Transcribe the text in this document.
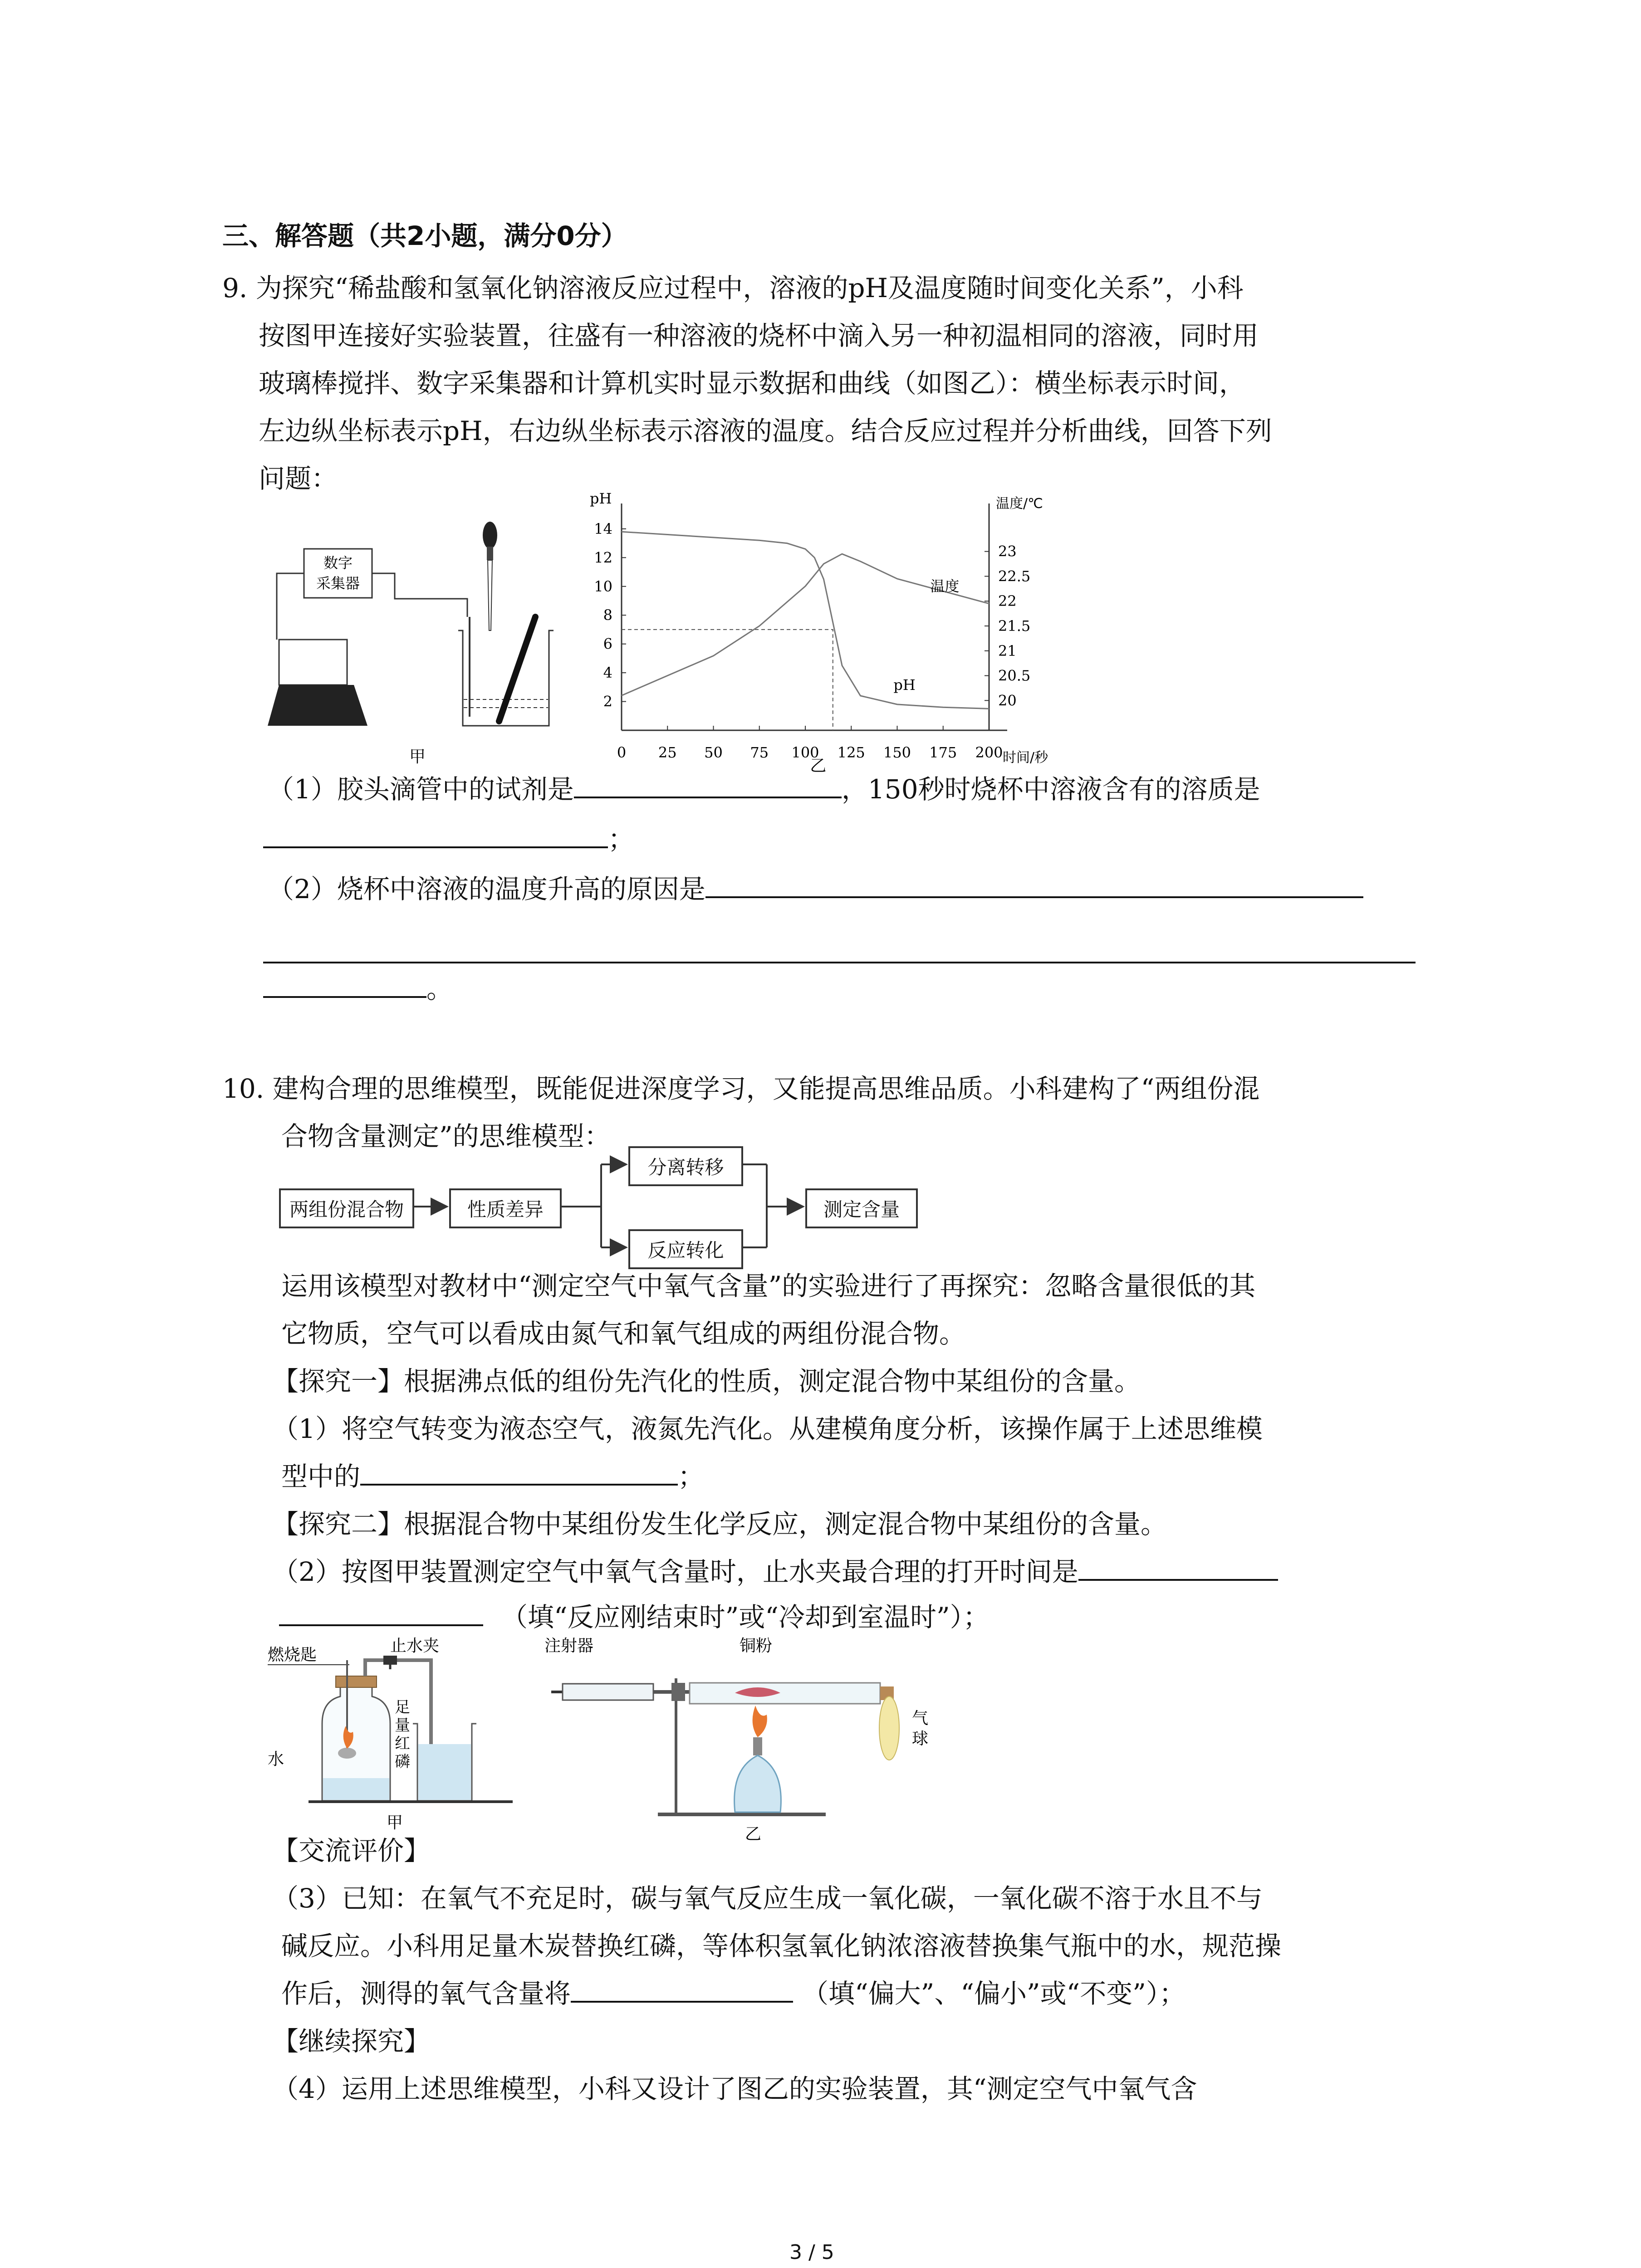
三、解答题（共2小题，满分0分）
9. 为探究“稀盐酸和氢氧化钠溶液反应过程中，溶液的pH及温度随时间变化关系”，小科
按图甲连接好实验装置，往盛有一种溶液的烧杯中滴入另一种初温相同的溶液，同时用
玻璃棒搅拌、数字采集器和计算机实时显示数据和曲线（如图乙）：横坐标表示时间，
左边纵坐标表示pH，右边纵坐标表示溶液的温度。结合反应过程并分析曲线，回答下列
问题：
数字
采集器
甲
pH	温度/℃
时间/秒
2
4
6
8
10
12
14
20
20.5
21
21.5
22
22.5
23
0 25 50 75 100 125 150 175 200
pH
温度
乙
（1）胶头滴管中的试剂是	，150秒时烧杯中溶液含有的溶质是
；
（2）烧杯中溶液的温度升高的原因是
。
10. 建构合理的思维模型，既能促进深度学习，又能提高思维品质。小科建构了“两组份混
合物含量测定”的思维模型：
两组份混合物	性质差异
分离转移
反应转化
测定含量
运用该模型对教材中“测定空气中氧气含量”的实验进行了再探究：忽略含量很低的其
它物质，空气可以看成由氮气和氧气组成的两组份混合物。
【探究一】根据沸点低的组份先汽化的性质，测定混合物中某组份的含量。
（1）将空气转变为液态空气，液氮先汽化。从建模角度分析，该操作属于上述思维模
型中的	；
【探究二】根据混合物中某组份发生化学反应，测定混合物中某组份的含量。
（2）按图甲装置测定空气中氧气含量时，止水夹最合理的打开时间是
（填“反应刚结束时”或“冷却到室温时”）；
燃烧匙	止水夹
水
足
量
红
磷
甲
注射器	铜粉
气
球
乙
【交流评价】
（3）已知：在氧气不充足时，碳与氧气反应生成一氧化碳，一氧化碳不溶于水且不与
碱反应。小科用足量木炭替换红磷，等体积氢氧化钠浓溶液替换集气瓶中的水，规范操
作后，测得的氧气含量将	（填“偏大”、“偏小”或“不变”）；
【继续探究】
（4）运用上述思维模型，小科又设计了图乙的实验装置，其“测定空气中氧气含
3 / 5
